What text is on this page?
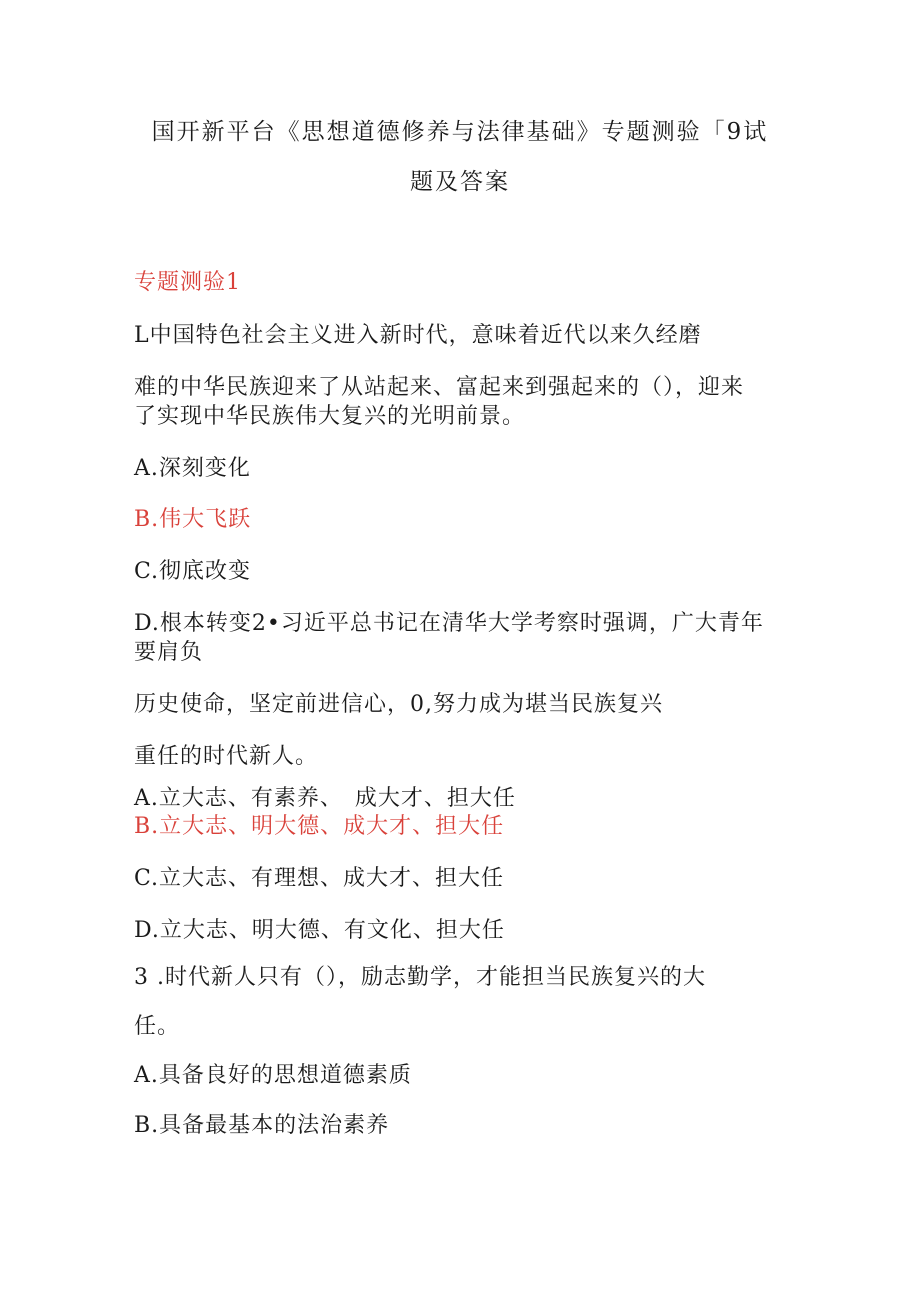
国开新平台《思想道德修养与法律基础》专题测验「9试
题及答案
专题测验1
L中国特色社会主义进入新时代，意味着近代以来久经磨
难的中华民族迎来了从站起来、富起来到强起来的（），迎来
了实现中华民族伟大复兴的光明前景。
A.深刻变化
B.伟大飞跃
C.彻底改变
D.根本转变2•习近平总书记在清华大学考察时强调，广大青年
要肩负
历史使命，坚定前进信心，0,努力成为堪当民族复兴
重任的时代新人。
A.立大志、有素养、　成大才、担大任
B.立大志、明大德、成大才、担大任
C.立大志、有理想、成大才、担大任
D.立大志、明大德、有文化、担大任
3 .时代新人只有（），励志勤学，才能担当民族复兴的大
任。
A.具备良好的思想道德素质
B.具备最基本的法治素养
